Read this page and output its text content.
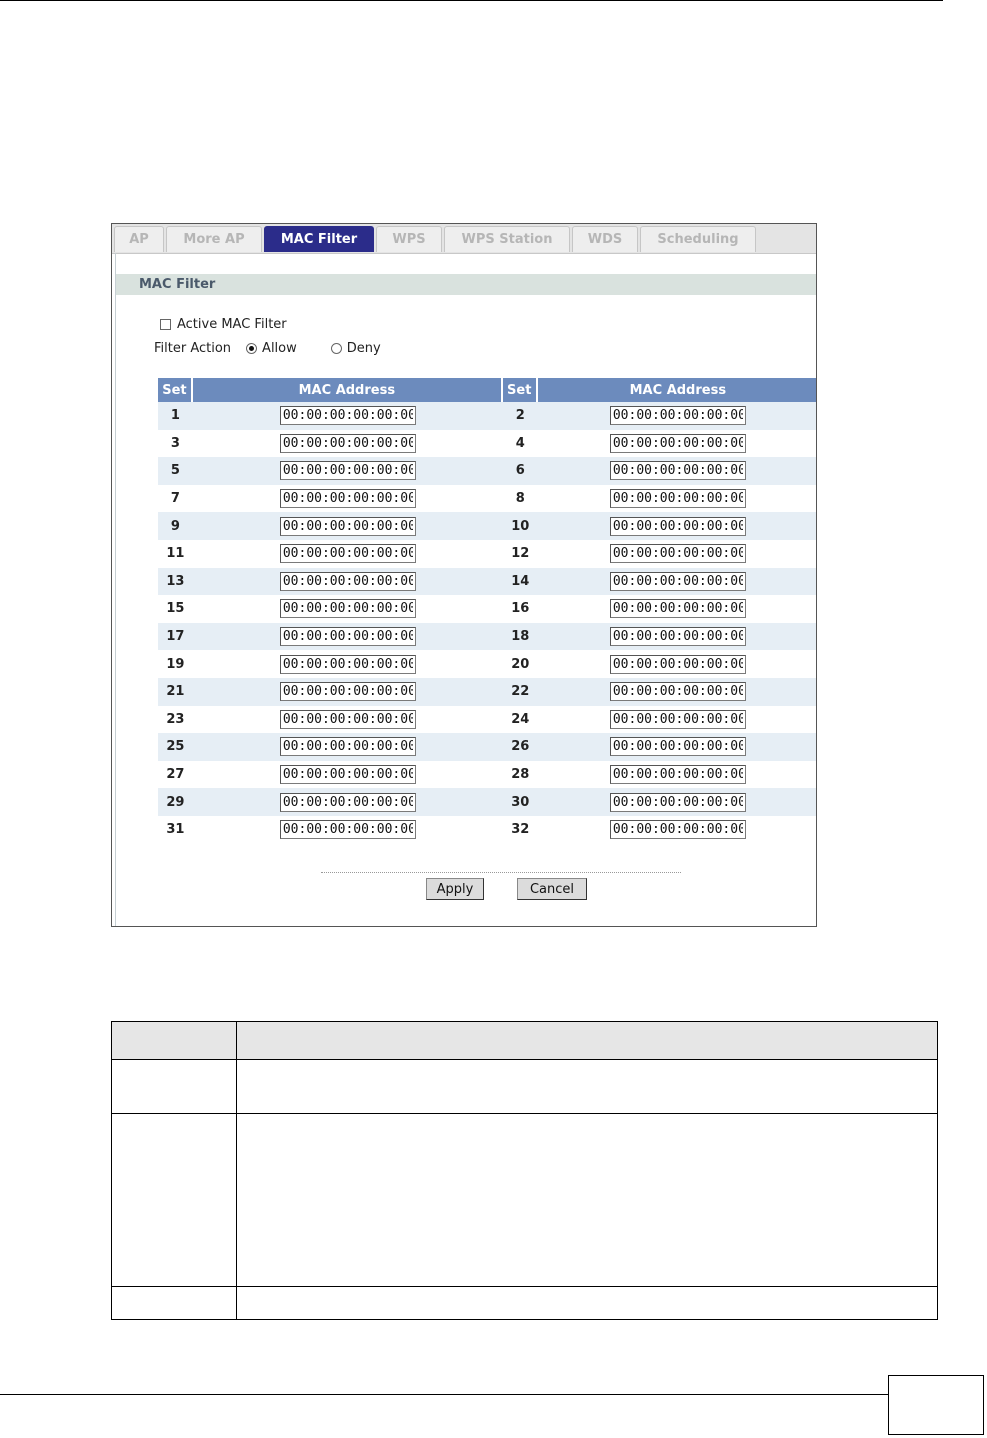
AP	More AP	MAC Filter	WPS	WPS Station	WDS	Scheduling
MAC Filter
Active MAC Filter
Filter Action Allow	Deny
Set	MAC Address	Set	MAC Address
1	00:00:00:00:00:00	2	00:00:00:00:00:00
3	00:00:00:00:00:00	4	00:00:00:00:00:00
5	00:00:00:00:00:00	6	00:00:00:00:00:00
7	00:00:00:00:00:00	8	00:00:00:00:00:00
9	00:00:00:00:00:00	10	00:00:00:00:00:00
11	00:00:00:00:00:00	12	00:00:00:00:00:00
13	00:00:00:00:00:00	14	00:00:00:00:00:00
15	00:00:00:00:00:00	16	00:00:00:00:00:00
17	00:00:00:00:00:00	18	00:00:00:00:00:00
19	00:00:00:00:00:00	20	00:00:00:00:00:00
21	00:00:00:00:00:00	22	00:00:00:00:00:00
23	00:00:00:00:00:00	24	00:00:00:00:00:00
25	00:00:00:00:00:00	26	00:00:00:00:00:00
27	00:00:00:00:00:00	28	00:00:00:00:00:00
29	00:00:00:00:00:00	30	00:00:00:00:00:00
31	00:00:00:00:00:00	32	00:00:00:00:00:00
Apply	Cancel
